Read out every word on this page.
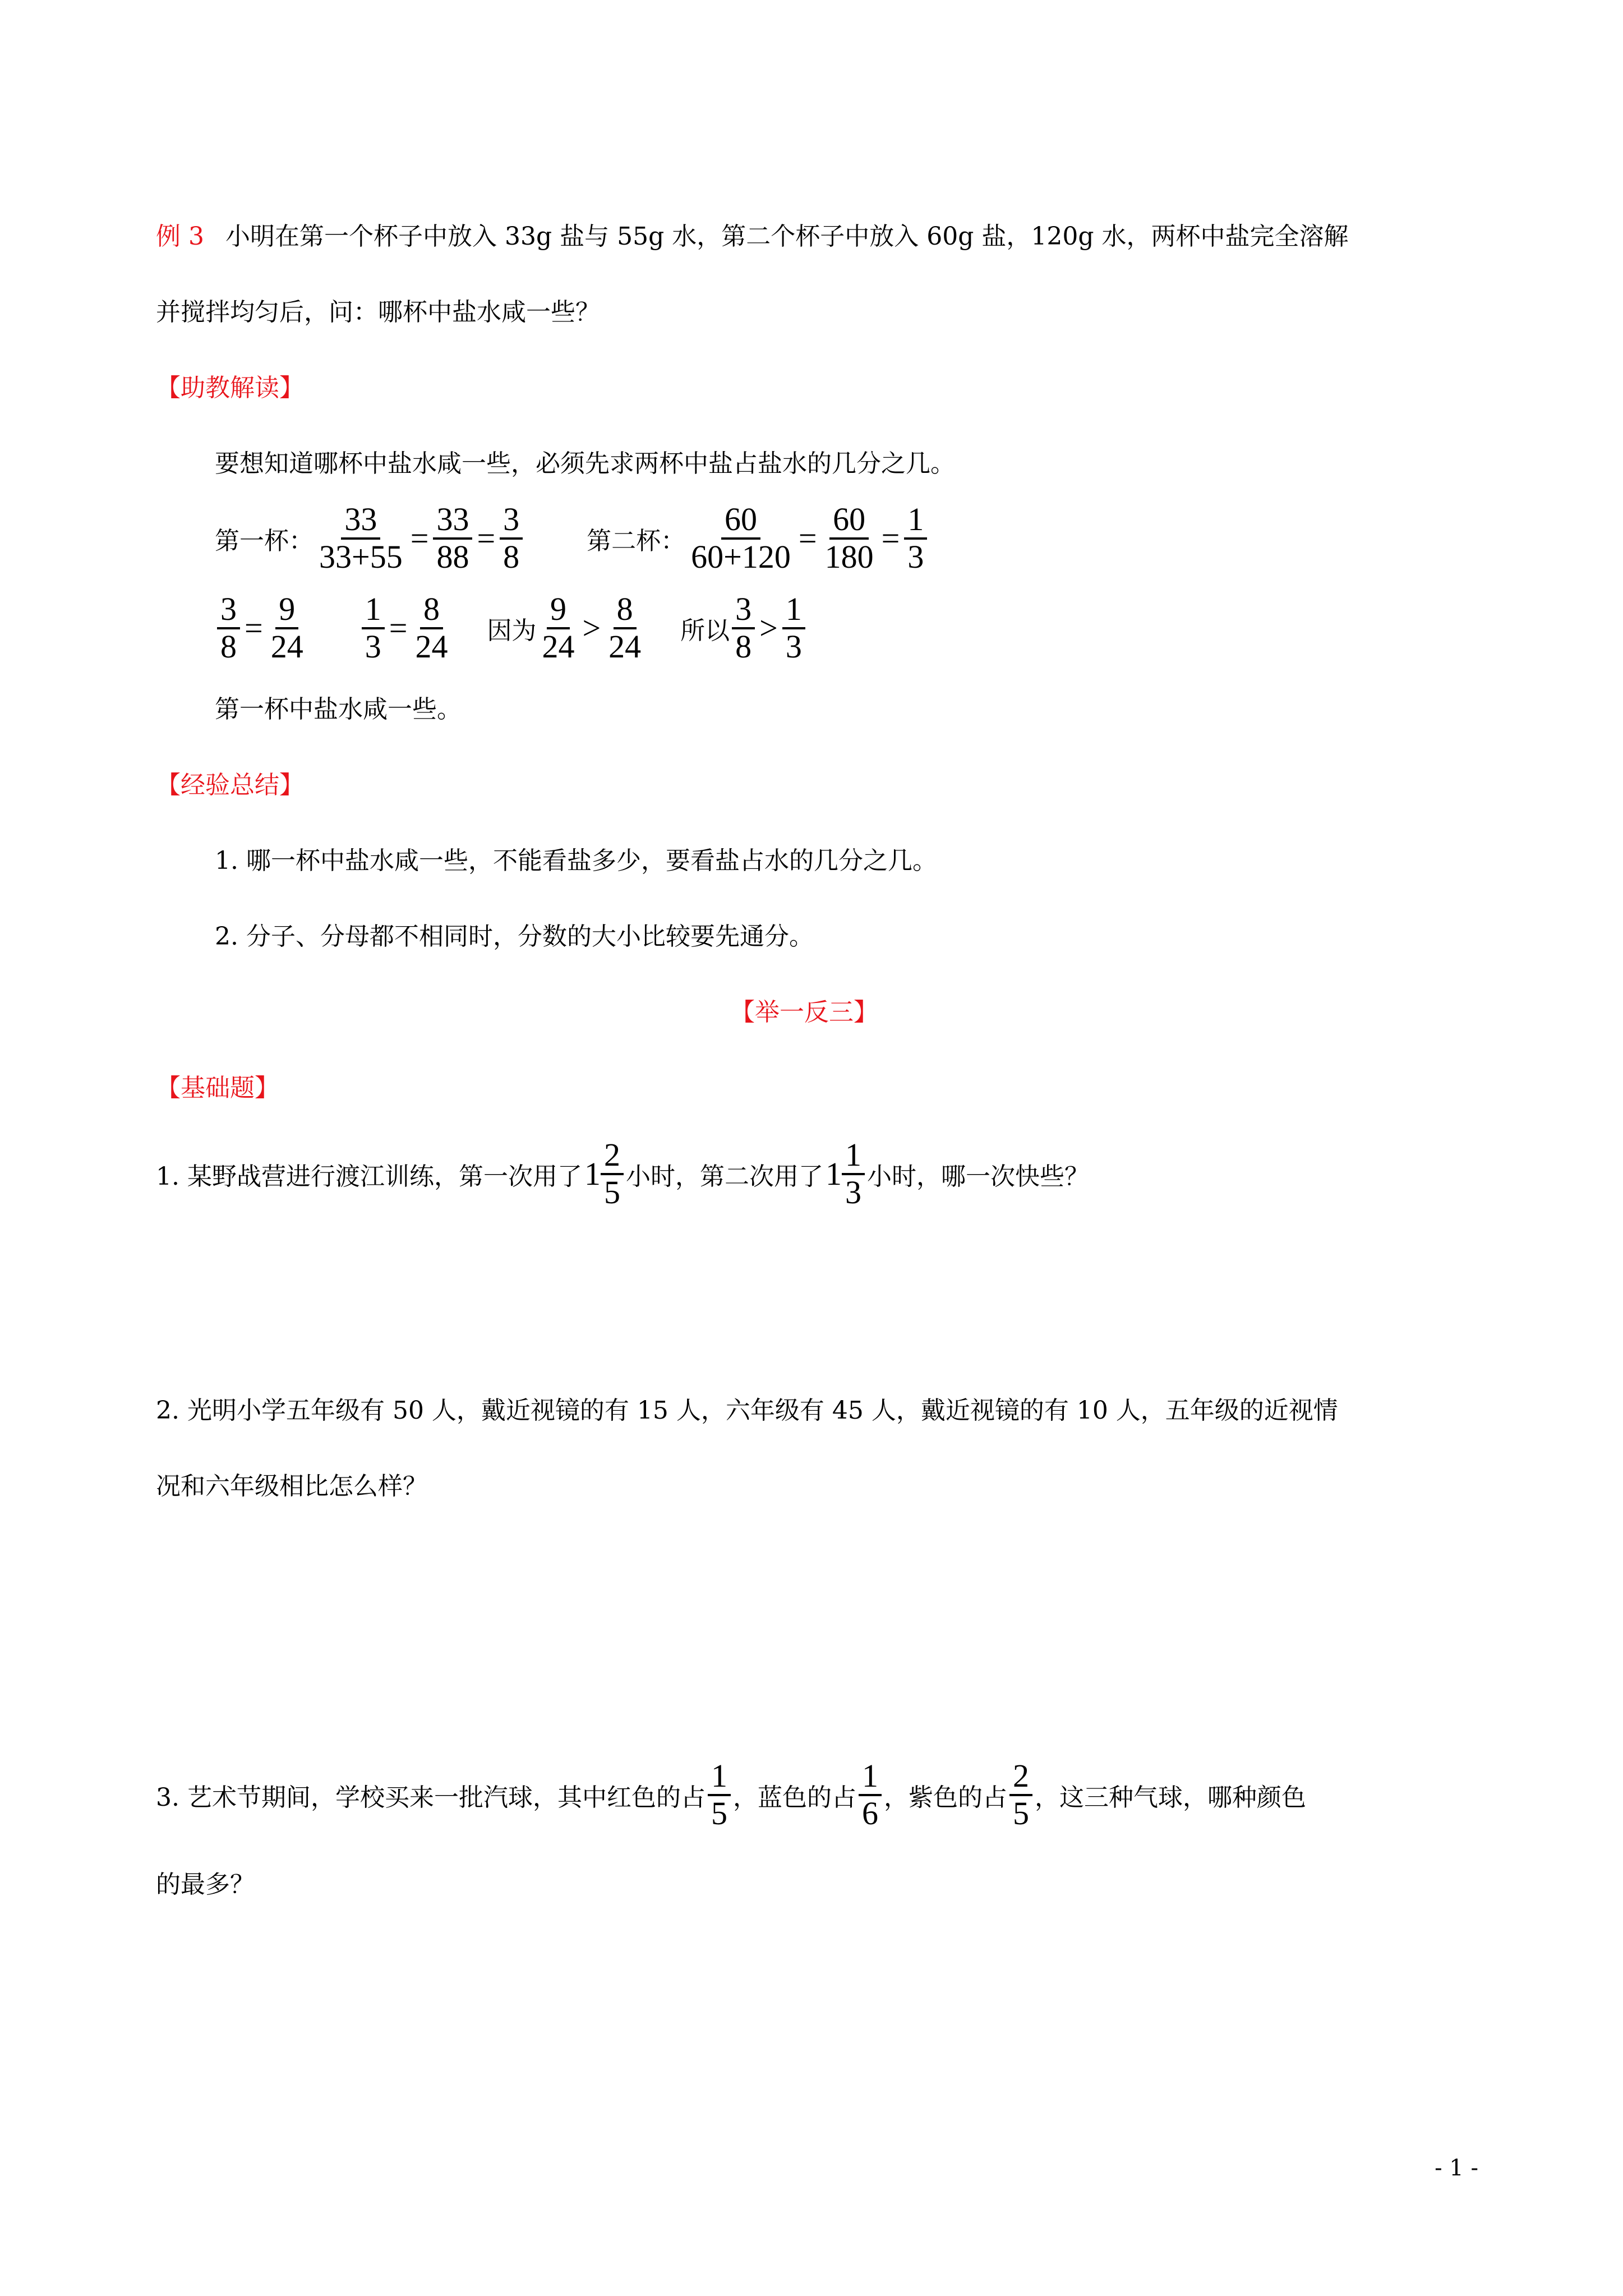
例 3 小明在第一个杯子中放入 33g 盐与 55g 水，第二个杯子中放入 60g 盐，120g 水，两杯中盐完全溶解
并搅拌均匀后，问：哪杯中盐水咸一些？
【助教解读】
要想知道哪杯中盐水咸一些，必须先求两杯中盐占盐水的几分之几。
第一杯： $\frac{33}{33+55} = \frac{33}{88} = \frac{3}{8}$	第二杯： $\frac{60}{60+120} = \frac{60}{180} = \frac{1}{3}$
$\frac{3}{8} = \frac{9}{24} \frac{1}{3} = \frac{8}{24}$ 因为 $\frac{9}{24} > \frac{8}{24}$ 所以 $\frac{3}{8} > \frac{1}{3}$
第一杯中盐水咸一些。
【经验总结】
1. 哪一杯中盐水咸一些，不能看盐多少，要看盐占水的几分之几。
2. 分子、分母都不相同时，分数的大小比较要先通分。
【举一反三】
【基础题】
1. 某野战营进行渡江训练，第一次用了 $1 \frac{2}{5}$ 小时，第二次用了 $1 \frac{1}{3}$ 小时，哪一次快些？
2. 光明小学五年级有 50 人，戴近视镜的有 15 人，六年级有 45 人，戴近视镜的有 10 人，五年级的近视情
况和六年级相比怎么样？
3. 艺术节期间，学校买来一批汽球，其中红色的占 $\frac{1}{5}$ ，蓝色的占 $\frac{1}{6}$ ，紫色的占 $\frac{2}{5}$ ，这三种气球，哪种颜色
的最多？
- 1 -
